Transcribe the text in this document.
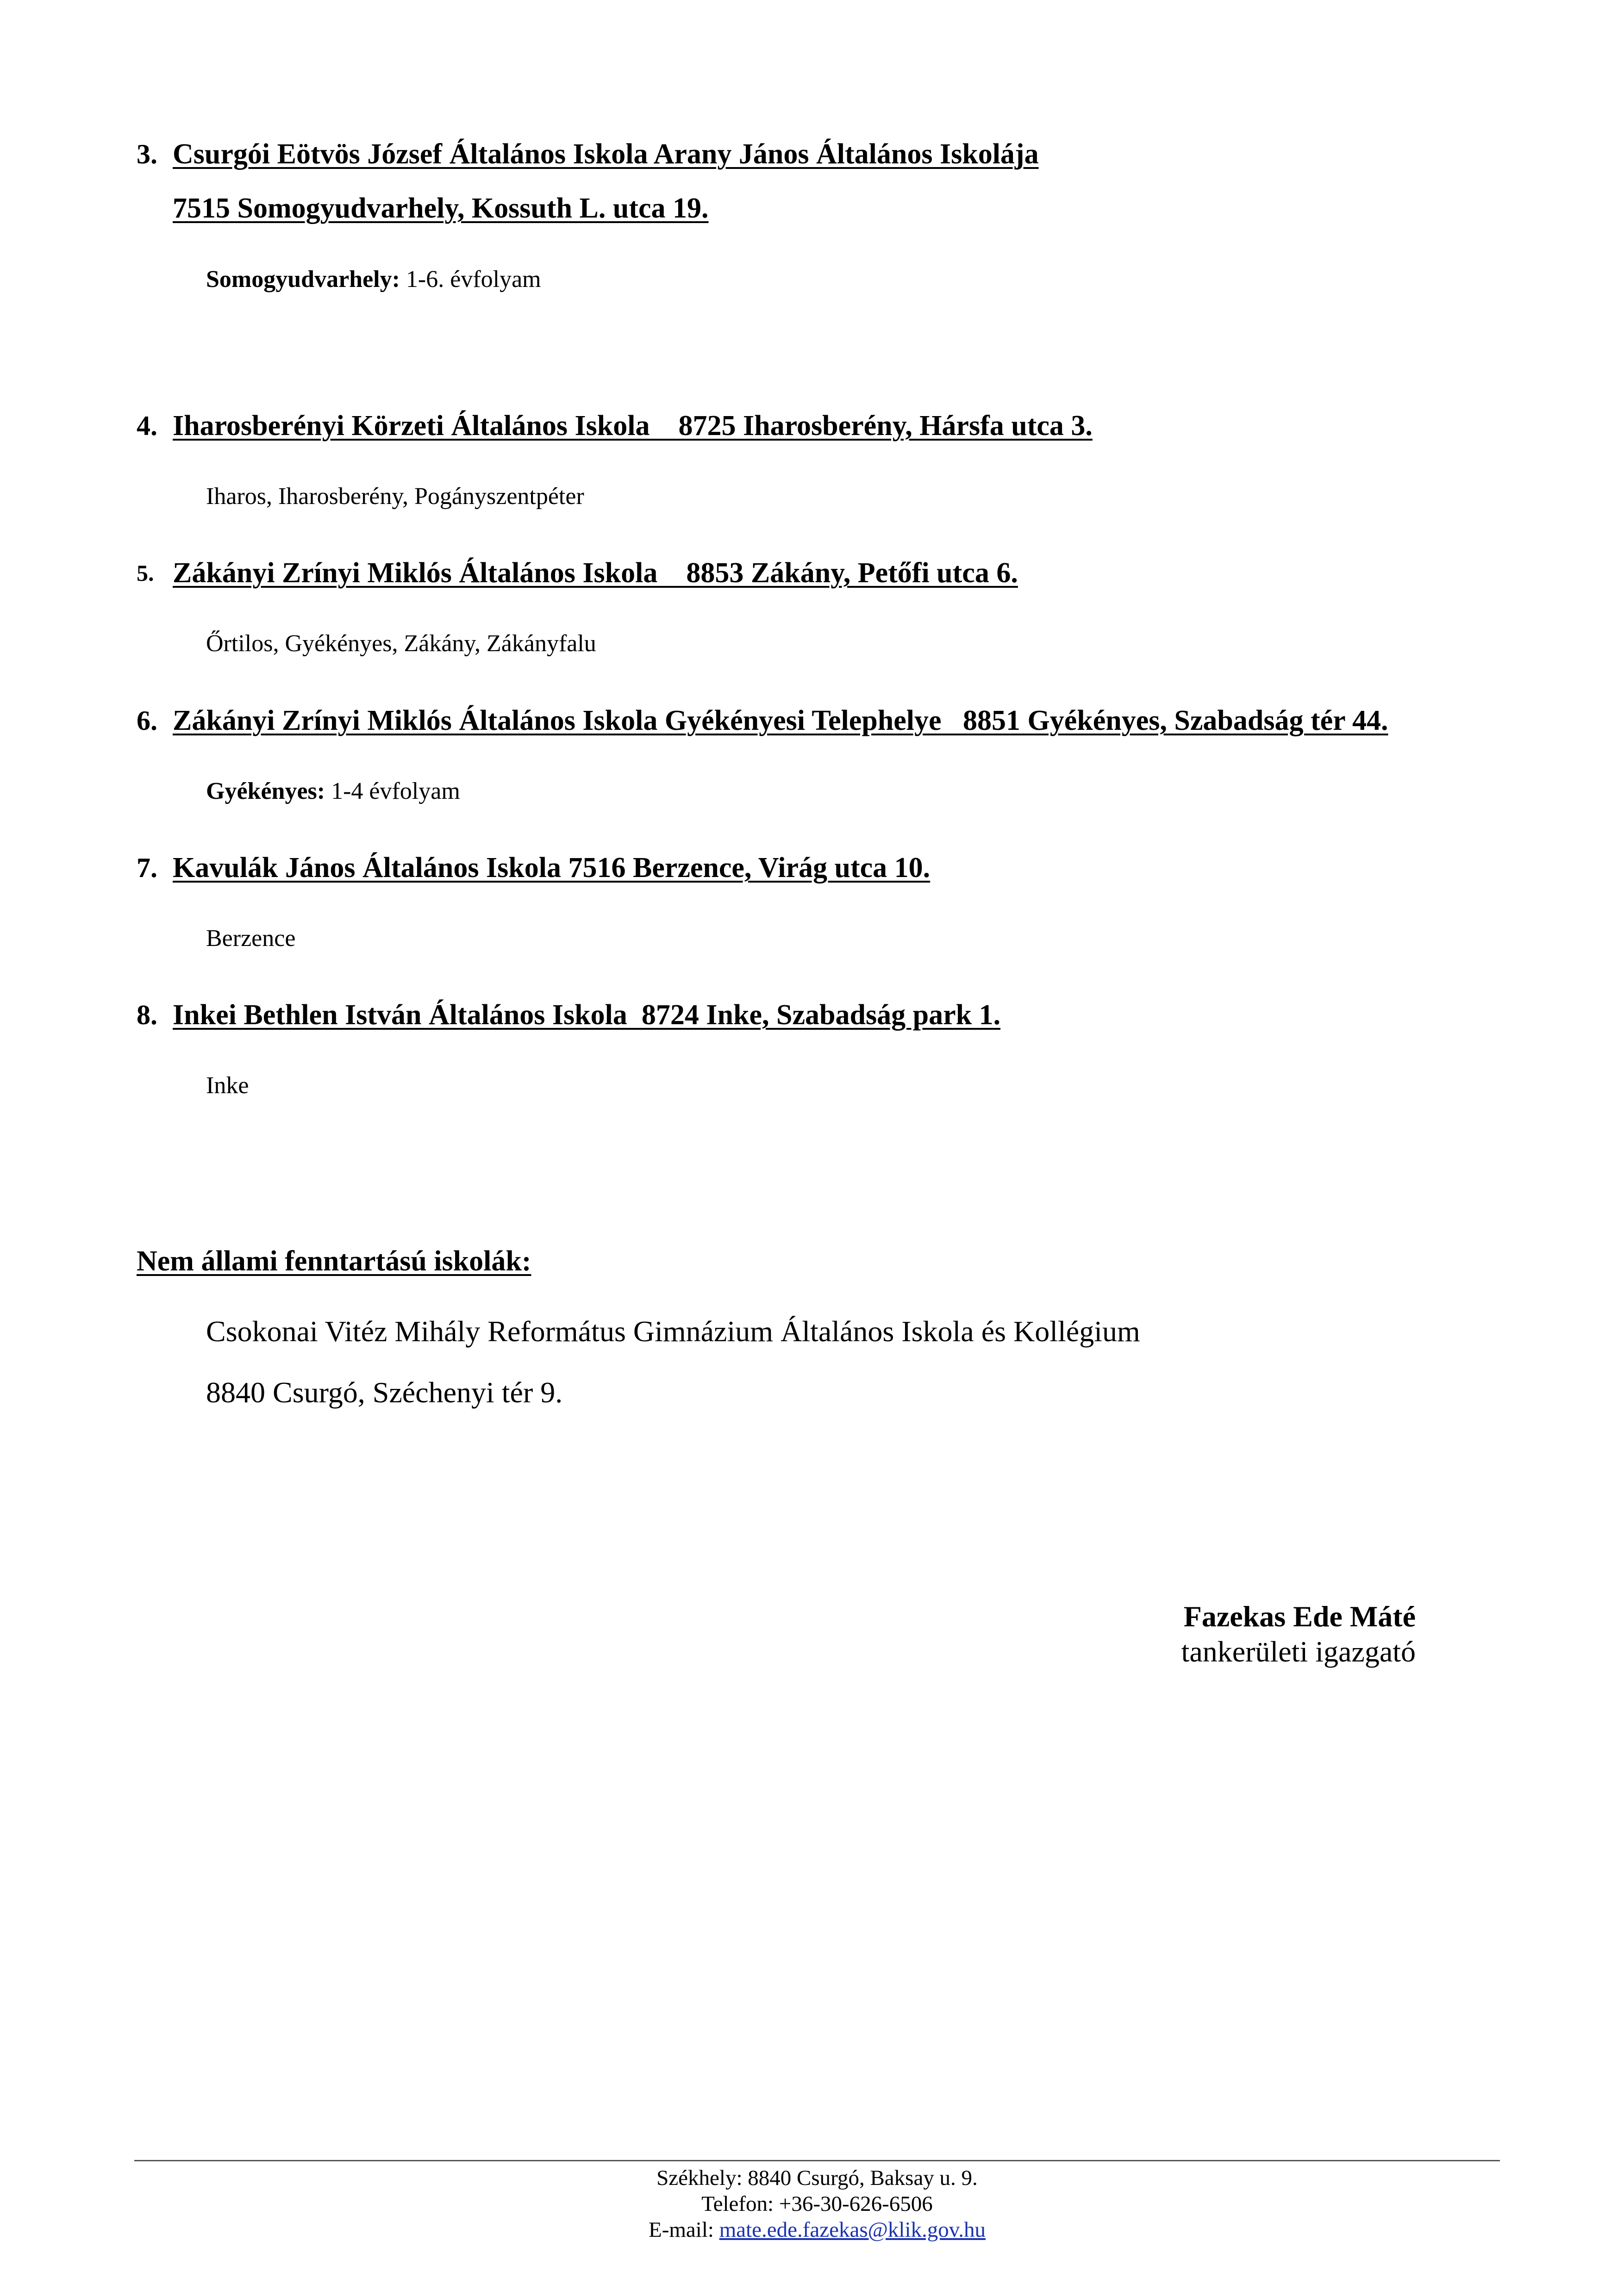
3. Csurgói Eötvös József Általános Iskola Arany János Általános Iskolája
7515 Somogyudvarhely, Kossuth L. utca 19.
Somogyudvarhely: 1-6. évfolyam
4. Iharosberényi Körzeti Általános Iskola    8725 Iharosberény, Hársfa utca 3.
Iharos, Iharosberény, Pogányszentpéter
5. Zákányi Zrínyi Miklós Általános Iskola    8853 Zákány, Petőfi utca 6.
Őrtilos, Gyékényes, Zákány, Zákányfalu
6. Zákányi Zrínyi Miklós Általános Iskola Gyékényesi Telephelye   8851 Gyékényes, Szabadság tér 44.
Gyékényes: 1-4 évfolyam
7. Kavulák János Általános Iskola 7516 Berzence, Virág utca 10.
Berzence
8. Inkei Bethlen István Általános Iskola  8724 Inke, Szabadság park 1.
Inke
Nem állami fenntartású iskolák:
Csokonai Vitéz Mihály Református Gimnázium Általános Iskola és Kollégium
8840 Csurgó, Széchenyi tér 9.
Fazekas Ede Máté
tankerületi igazgató
Székhely: 8840 Csurgó, Baksay u. 9.
Telefon: +36-30-626-6506
E-mail: mate.ede.fazekas@klik.gov.hu
